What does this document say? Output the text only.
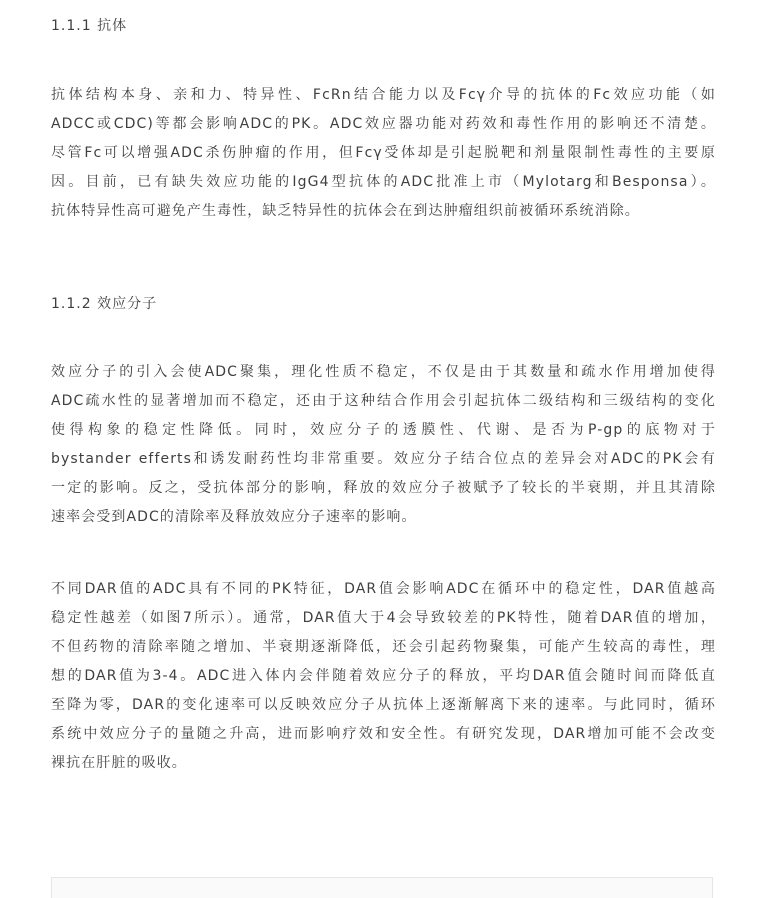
1.1.1 抗体
抗体结构本身、亲和力、特异性、FcRn结合能力以及Fcγ介导的抗体的Fc效应功能（如
ADCC或CDC)等都会影响ADC的PK。ADC效应器功能对药效和毒性作用的影响还不清楚。
尽管Fc可以增强ADC杀伤肿瘤的作用，但Fcγ受体却是引起脱靶和剂量限制性毒性的主要原
因。目前，已有缺失效应功能的IgG4型抗体的ADC批准上市（Mylotarg和Besponsa）。
抗体特异性高可避免产生毒性，缺乏特异性的抗体会在到达肿瘤组织前被循环系统消除。
1.1.2 效应分子
效应分子的引入会使ADC聚集，理化性质不稳定，不仅是由于其数量和疏水作用增加使得
ADC疏水性的显著增加而不稳定，还由于这种结合作用会引起抗体二级结构和三级结构的变化
使得构象的稳定性降低。同时，效应分子的透膜性、代谢、是否为P-gp的底物对于
bystander efferts和诱发耐药性均非常重要。效应分子结合位点的差异会对ADC的PK会有
一定的影响。反之，受抗体部分的影响，释放的效应分子被赋予了较长的半衰期，并且其清除
速率会受到ADC的清除率及释放效应分子速率的影响。
不同DAR值的ADC具有不同的PK特征，DAR值会影响ADC在循环中的稳定性，DAR值越高
稳定性越差（如图7所示）。通常，DAR值大于4会导致较差的PK特性，随着DAR值的增加，
不但药物的清除率随之增加、半衰期逐渐降低，还会引起药物聚集，可能产生较高的毒性，理
想的DAR值为3-4。ADC进入体内会伴随着效应分子的释放，平均DAR值会随时间而降低直
至降为零，DAR的变化速率可以反映效应分子从抗体上逐渐解离下来的速率。与此同时，循环
系统中效应分子的量随之升高，进而影响疗效和安全性。有研究发现，DAR增加可能不会改变
裸抗在肝脏的吸收。
